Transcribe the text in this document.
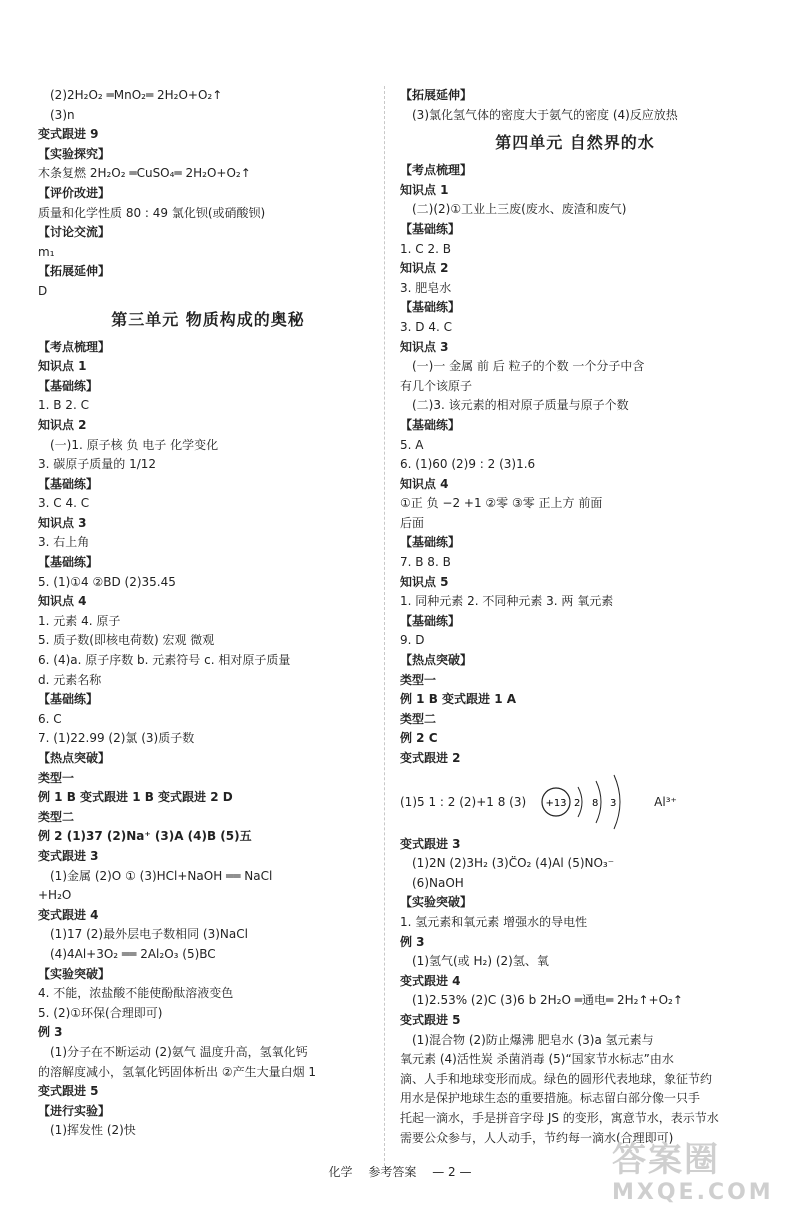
(2)2H₂O₂ ═MnO₂═ 2H₂O+O₂↑
(3)n
变式跟进 9
【实验探究】
木条复燃 2H₂O₂ ═CuSO₄═ 2H₂O+O₂↑
【评价改进】
质量和化学性质 80 : 49 氯化钡(或硝酸钡)
【讨论交流】
m₁
【拓展延伸】
D
第三单元 物质构成的奥秘
【考点梳理】
知识点 1
【基础练】
1. B 2. C
知识点 2
(一)1. 原子核 负 电子 化学变化
3. 碳原子质量的 1/12
【基础练】
3. C 4. C
知识点 3
3. 右上角
【基础练】
5. (1)①4 ②BD (2)35.45
知识点 4
1. 元素 4. 原子
5. 质子数(即核电荷数) 宏观 微观
6. (4)a. 原子序数 b. 元素符号 c. 相对原子质量
d. 元素名称
【基础练】
6. C
7. (1)22.99 (2)氯 (3)质子数
【热点突破】
类型一
例 1 B 变式跟进 1 B 变式跟进 2 D
类型二
例 2 (1)37 (2)Na⁺ (3)A (4)B (5)五
变式跟进 3
(1)金属 (2)O ① (3)HCl+NaOH ══ NaCl
+H₂O
变式跟进 4
(1)17 (2)最外层电子数相同 (3)NaCl
(4)4Al+3O₂ ══ 2Al₂O₃ (5)BC
【实验突破】
4. 不能，浓盐酸不能使酚酞溶液变色
5. (2)①环保(合理即可)
例 3
(1)分子在不断运动 (2)氨气 温度升高，氢氧化钙
的溶解度减小，氢氧化钙固体析出 ②产生大量白烟 1
变式跟进 5
【进行实验】
(1)挥发性 (2)快
【拓展延伸】
(3)氯化氢气体的密度大于氨气的密度 (4)反应放热
第四单元 自然界的水
【考点梳理】
知识点 1
(二)(2)①工业上三废(废水、废渣和废气)
【基础练】
1. C 2. B
知识点 2
3. 肥皂水
【基础练】
3. D 4. C
知识点 3
(一)一 金属 前 后 粒子的个数 一个分子中含
有几个该原子
(二)3. 该元素的相对原子质量与原子个数
【基础练】
5. A
6. (1)60 (2)9 : 2 (3)1.6
知识点 4
①正 负 −2 +1 ②零 ③零 正上方 前面
后面
【基础练】
7. B 8. B
知识点 5
1. 同种元素 2. 不同种元素 3. 两 氧元素
【基础练】
9. D
【热点突破】
类型一
例 1 B 变式跟进 1 A
类型二
例 2 C
变式跟进 2
(1)5 1 : 2 (2)+1 8 (3) +13 2 8 3	Al³⁺
变式跟进 3
(1)2N (2)3H₂ (3)C̈O₂ (4)Al (5)NO₃⁻
(6)NaOH
【实验突破】
1. 氢元素和氧元素 增强水的导电性
例 3
(1)氢气(或 H₂) (2)氢、氧
变式跟进 4
(1)2.53% (2)C (3)6 b 2H₂O ═通电═ 2H₂↑+O₂↑
变式跟进 5
(1)混合物 (2)防止爆沸 肥皂水 (3)a 氢元素与
氧元素 (4)活性炭 杀菌消毒 (5)“国家节水标志”由水
滴、人手和地球变形而成。绿色的圆形代表地球，象征节约
用水是保护地球生态的重要措施。标志留白部分像一只手
托起一滴水，手是拼音字母 JS 的变形，寓意节水，表示节水
需要公众参与，人人动手，节约每一滴水(合理即可)
化学 参考答案 — 2 —	答案圈
MXQE.COM
